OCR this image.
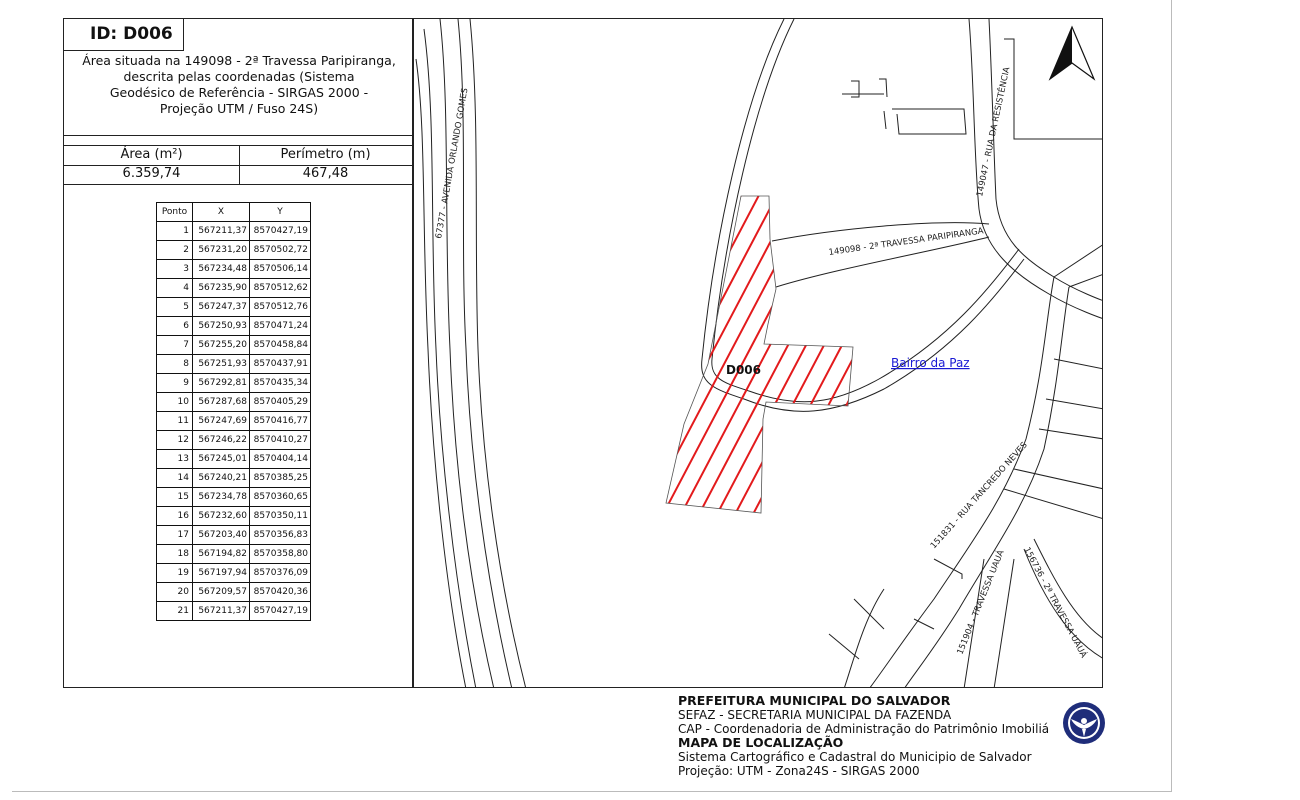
ID: D006
Área situada na 149098 - 2ª Travessa Paripiranga,
descrita pelas coordenadas (Sistema
Geodésico de Referência - SIRGAS 2000 -
Projeção UTM / Fuso 24S)
Área (m²)	Perímetro (m)
6.359,74	467,48
Ponto	X	Y
1	567211,37	8570427,19
2	567231,20	8570502,72
3	567234,48	8570506,14
4	567235,90	8570512,62
5	567247,37	8570512,76
6	567250,93	8570471,24
7	567255,20	8570458,84
8	567251,93	8570437,91
9	567292,81	8570435,34
10	567287,68	8570405,29
11	567247,69	8570416,77
12	567246,22	8570410,27
13	567245,01	8570404,14
14	567240,21	8570385,25
15	567234,78	8570360,65
16	567232,60	8570350,11
17	567203,40	8570356,83
18	567194,82	8570358,80
19	567197,94	8570376,09
20	567209,57	8570420,36
21	567211,37	8570427,19
D006	Bairro da Paz
67377 - AVENIDA ORLANDO GOMES	149047 - RUA DA RESISTÊNCIA
149098 - 2ª TRAVESSA PARIPIRANGA
151831 - RUA TANCREDO NEVES
151904 - TRAVESSA UAUÁ 156736 - 2ª TRAVESSA UAUÁ
PREFEITURA MUNICIPAL DO SALVADOR
SEFAZ - SECRETARIA MUNICIPAL DA FAZENDA
CAP - Coordenadoria de Administração do Patrimônio Imobiliá
MAPA DE LOCALIZAÇÃO
Sistema Cartográfico e Cadastral do Municipio de Salvador
Projeção: UTM - Zona24S - SIRGAS 2000
